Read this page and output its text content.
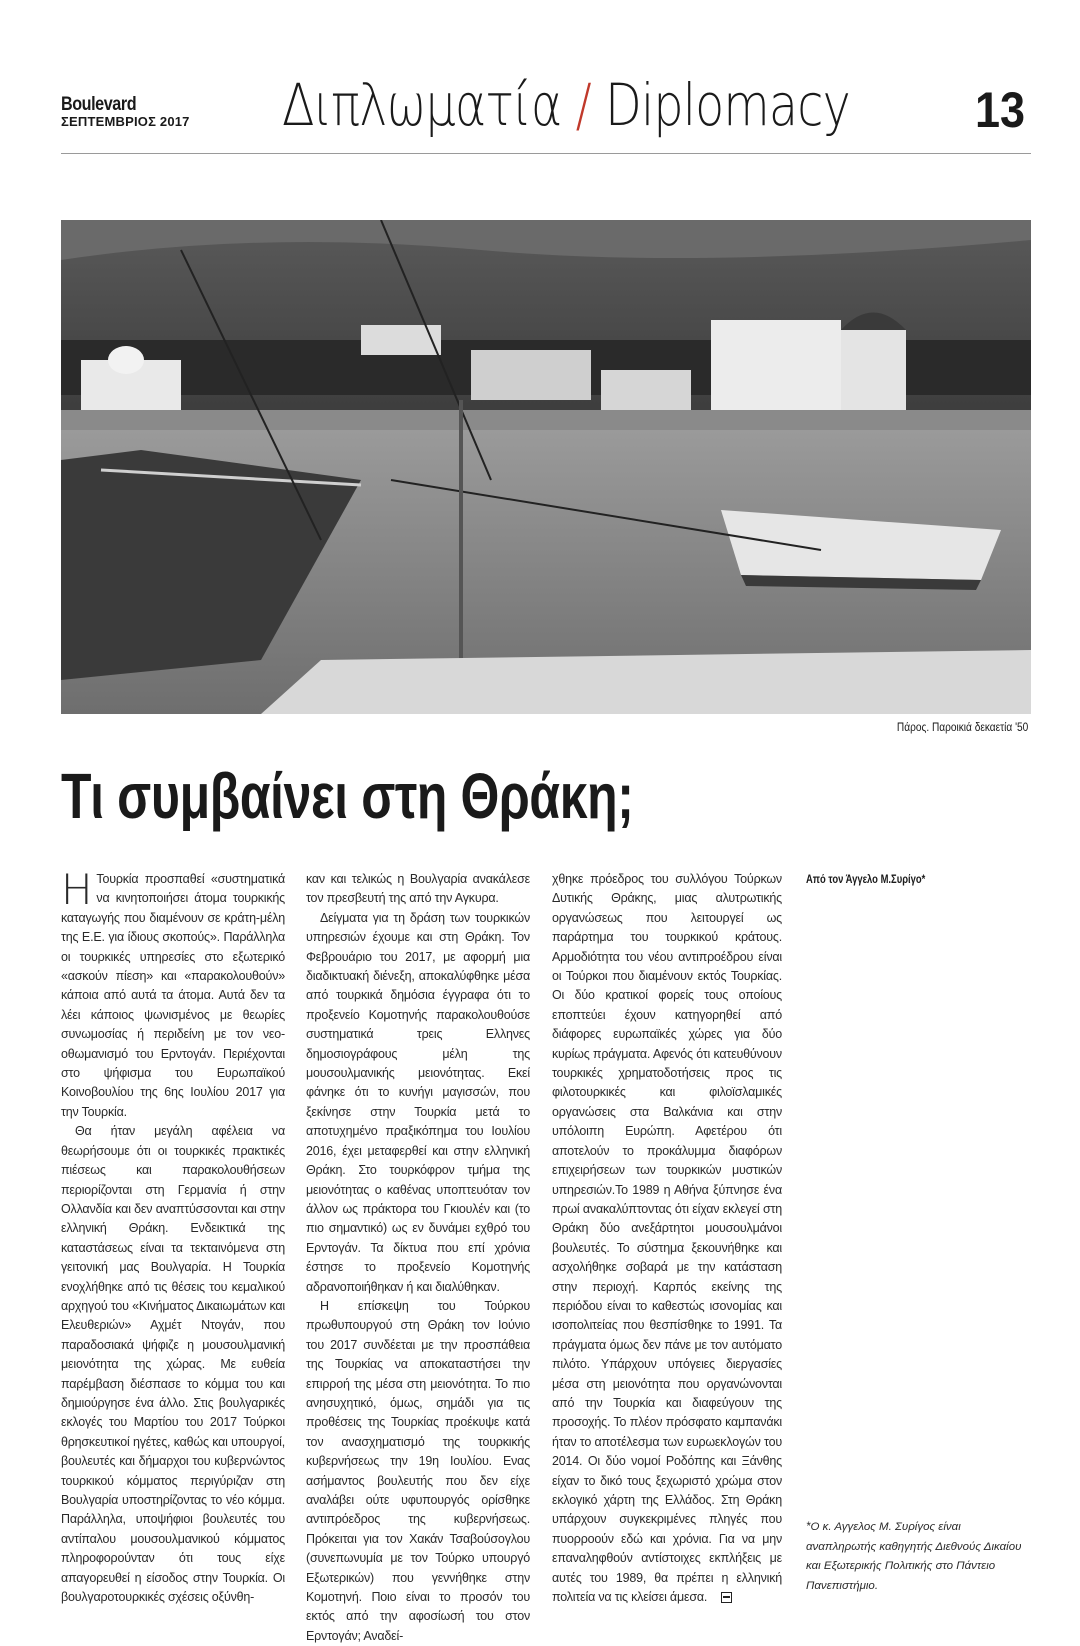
Boulevard
ΣΕΠΤΕΜΒΡΙΟΣ 2017 Διπλωματία / Diplomacy	13
Πάρος. Παροικιά δεκαετία '50
Τι συμβαίνει στη Θράκη;

Η Τουρκία προσπαθεί «συστηματικά να κινητοποιήσει άτομα τουρκικής καταγωγής που διαμένουν σε κράτη-μέλη της Ε.Ε. για ίδιους σκοπούς». Παράλληλα οι τουρκικές υπηρεσίες στο εξωτερικό «ασκούν πίεση» και «παρακολουθούν» κάποια από αυτά τα άτομα. Αυτά δεν τα λέει κάποιος ψωνισμένος με θεωρίες συνωμοσίας ή περιδείνη με τον νεο-οθωμανισμό του Ερντογάν. Περιέχονται στο ψήφισμα του Ευρωπαϊκού Κοινοβουλίου της 6ης Ιουλίου 2017 για την Τουρκία.

Θα ήταν μεγάλη αφέλεια να θεωρήσουμε ότι οι τουρκικές πρακτικές πιέσεως και παρακολουθήσεων περιορίζονται στη Γερμανία ή στην Ολλανδία και δεν αναπτύσσονται και στην ελληνική Θράκη. Ενδεικτικά της καταστάσεως είναι τα τεκταινόμενα στη γειτονική μας Βουλγαρία. Η Τουρκία ενοχλήθηκε από τις θέσεις του κεμαλικού αρχηγού του «Κινήματος Δικαιωμάτων και Ελευθεριών» Αχμέτ Ντογάν, που παραδοσιακά ψήφιζε η μουσουλμανική μειονότητα της χώρας. Με ευθεία παρέμβαση διέσπασε το κόμμα του και δημιούργησε ένα άλλο. Στις βουλγαρικές εκλογές του Μαρτίου του 2017 Τούρκοι θρησκευτικοί ηγέτες, καθώς και υπουργοί, βουλευτές και δήμαρχοι του κυβερνώντος τουρκικού κόμματος περιγύριζαν στη Βουλγαρία υποστηρίζοντας το νέο κόμμα. Παράλληλα, υποψήφιοι βουλευτές του αντίπαλου μουσουλμανικού κόμματος πληροφορούνταν ότι τους είχε απαγορευθεί η είσοδος στην Τουρκία. Οι βουλγαροτουρκικές σχέσεις οξύνθη-

καν και τελικώς η Βουλγαρία ανακάλεσε τον πρεσβευτή της από την Αγκυρα.

Δείγματα για τη δράση των τουρκικών υπηρεσιών έχουμε και στη Θράκη. Τον Φεβρουάριο του 2017, με αφορμή μια διαδικτυακή διένεξη, αποκαλύφθηκε μέσα από τουρκικά δημόσια έγγραφα ότι το προξενείο Κομοτηνής παρακολουθούσε συστηματικά τρεις Ελληνες δημοσιογράφους μέλη της μουσουλμανικής μειονότητας. Εκεί φάνηκε ότι το κυνήγι μαγισσών, που ξεκίνησε στην Τουρκία μετά το αποτυχημένο πραξικόπημα του Ιουλίου 2016, έχει μεταφερθεί και στην ελληνική Θράκη. Στο τουρκόφρον τμήμα της μειονότητας ο καθένας υποπτευόταν τον άλλον ως πράκτορα του Γκιουλέν και (το πιο σημαντικό) ως εν δυνάμει εχθρό του Ερντογάν. Τα δίκτυα που επί χρόνια έστησε το προξενείο Κομοτηνής αδρανοποιήθηκαν ή και διαλύθηκαν.

Η επίσκεψη του Τούρκου πρωθυπουργού στη Θράκη τον Ιούνιο του 2017 συνδέεται με την προσπάθεια της Τουρκίας να αποκαταστήσει την επιρροή της μέσα στη μειονότητα. Το πιο ανησυχητικό, όμως, σημάδι για τις προθέσεις της Τουρκίας προέκυψε κατά τον ανασχηματισμό της τουρκικής κυβερνήσεως την 19η Ιουλίου. Ενας ασήμαντος βουλευτής που δεν είχε αναλάβει ούτε υφυπουργός ορίσθηκε αντιπρόεδρος της κυβερνήσεως. Πρόκειται για τον Χακάν Τσαβούσογλου (συνεπωνυμία με τον Τούρκο υπουργό Εξωτερικών) που γεννήθηκε στην Κομοτηνή. Ποιο είναι το προσόν του εκτός από την αφοσίωσή του στον Ερντογάν; Αναδεί-

χθηκε πρόεδρος του συλλόγου Τούρκων Δυτικής Θράκης, μιας αλυτρωτικής οργανώσεως που λειτουργεί ως παράρτημα του τουρκικού κράτους. Αρμοδιότητα του νέου αντιπροέδρου είναι οι Τούρκοι που διαμένουν εκτός Τουρκίας. Οι δύο κρατικοί φορείς τους οποίους εποπτεύει έχουν κατηγορηθεί από διάφορες ευρωπαϊκές χώρες για δύο κυρίως πράγματα. Αφενός ότι κατευθύνουν τουρκικές χρηματοδοτήσεις προς τις φιλοτουρκικές και φιλοϊσλαμικές οργανώσεις στα Βαλκάνια και στην υπόλοιπη Ευρώπη. Αφετέρου ότι αποτελούν το προκάλυμμα διαφόρων επιχειρήσεων των τουρκικών μυστικών υπηρεσιών.Το 1989 η Αθήνα ξύπνησε ένα πρωί ανακαλύπτοντας ότι είχαν εκλεγεί στη Θράκη δύο ανεξάρτητοι μουσουλμάνοι βουλευτές. Το σύστημα ξεκουνήθηκε και ασχολήθηκε σοβαρά με την κατάσταση στην περιοχή. Καρπός εκείνης της περιόδου είναι το καθεστώς ισονομίας και ισοπολιτείας που θεσπίσθηκε το 1991. Τα πράγματα όμως δεν πάνε με τον αυτόματο πιλότο. Υπάρχουν υπόγειες διεργασίες μέσα στη μειονότητα που οργανώνονται από την Τουρκία και διαφεύγουν της προσοχής. Το πλέον πρόσφατο καμπανάκι ήταν το αποτέλεσμα των ευρωεκλογών του 2014. Οι δύο νομοί Ροδόπης και Ξάνθης είχαν το δικό τους ξεχωριστό χρώμα στον εκλογικό χάρτη της Ελλάδος. Στη Θράκη υπάρχουν συγκεκριμένες πληγές που πυορροούν εδώ και χρόνια. Για να μην επαναληφθούν αντίστοιχες εκπλήξεις με αυτές του 1989, θα πρέπει η ελληνική πολιτεία να τις κλείσει άμεσα.

Από τον Άγγελο Μ.Συρίγο*
*Ο κ. Αγγελος Μ. Συρίγος είναι αναπληρωτής καθηγητής Διεθνούς Δικαίου και Εξωτερικής Πολιτικής στο Πάντειο Πανεπιστήμιο.
